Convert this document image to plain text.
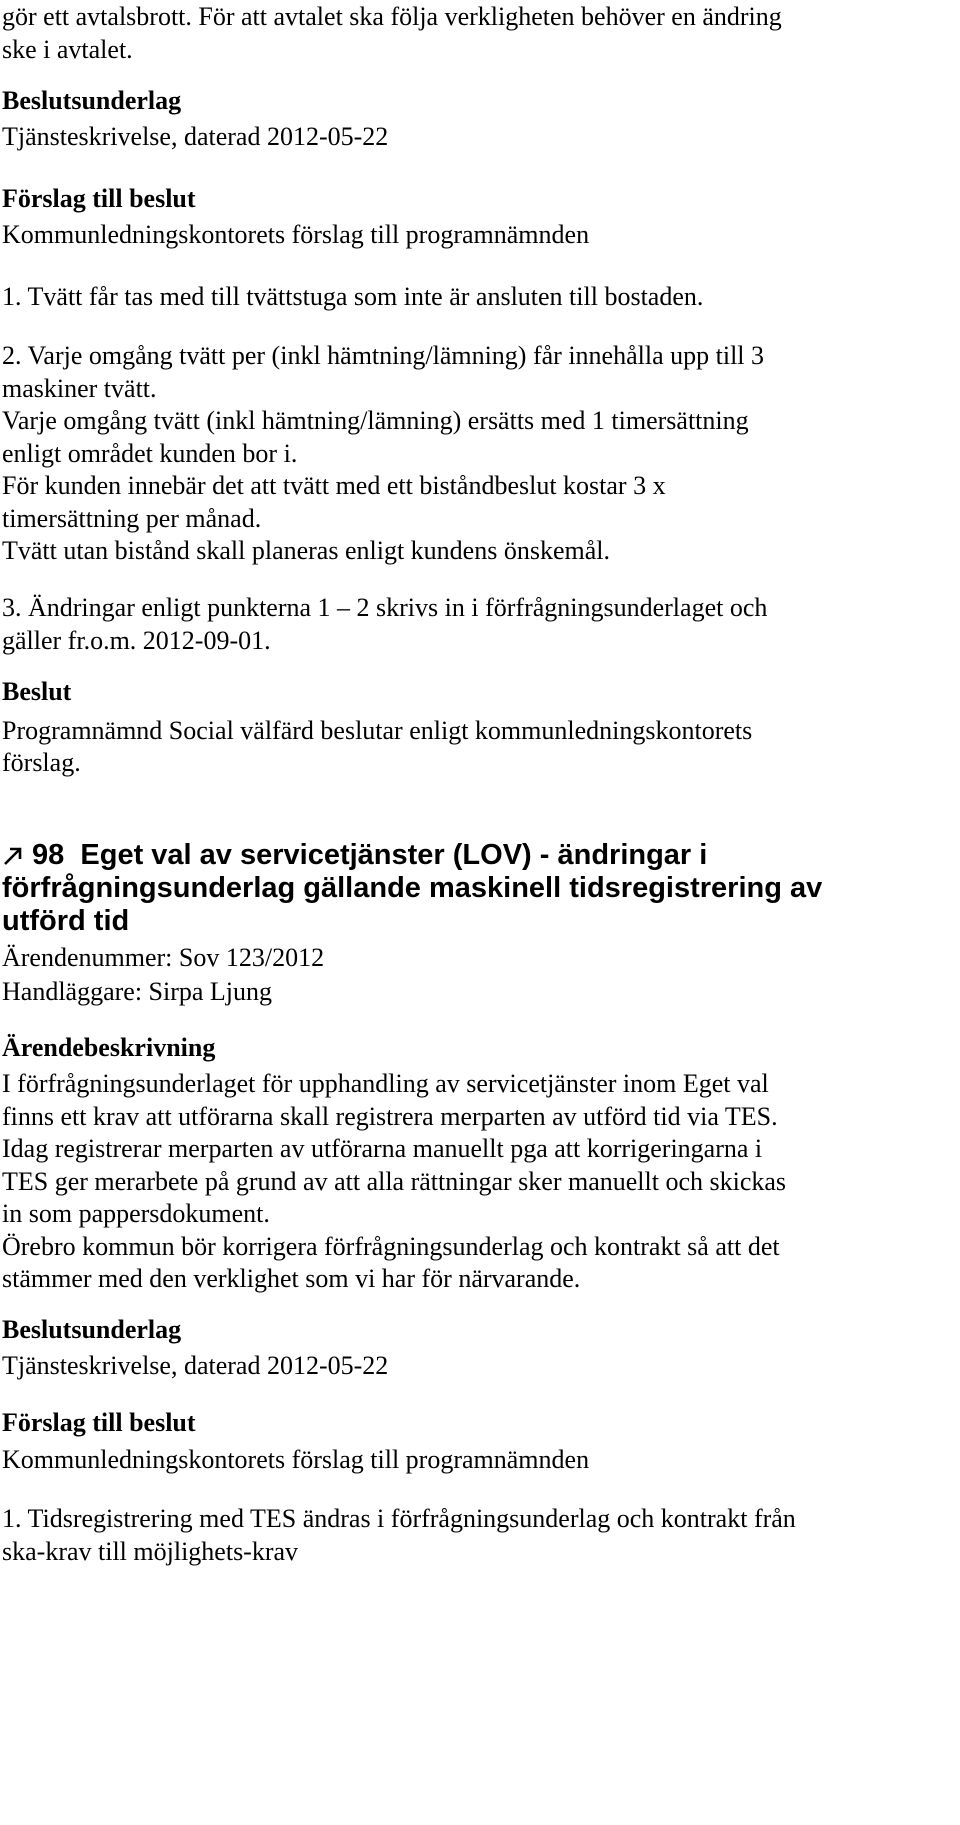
gör ett avtalsbrott. För att avtalet ska följa verkligheten behöver en ändring

ske i avtalet.

Beslutsunderlag

Tjänsteskrivelse, daterad 2012-05-22

Förslag till beslut

Kommunledningskontorets förslag till programnämnden

1. Tvätt får tas med till tvättstuga som inte är ansluten till bostaden.

2. Varje omgång tvätt per (inkl hämtning/lämning) får innehålla upp till 3

maskiner tvätt.

Varje omgång tvätt (inkl hämtning/lämning) ersätts med 1 timersättning

enligt området kunden bor i.

För kunden innebär det att tvätt med ett biståndbeslut kostar 3 x

timersättning per månad.

Tvätt utan bistånd skall planeras enligt kundens önskemål.

3. Ändringar enligt punkterna 1 – 2 skrivs in i förfrågningsunderlaget och

gäller fr.o.m. 2012-09-01.

Beslut

Programnämnd Social välfärd beslutar enligt kommunledningskontorets

förslag.

98 Eget val av servicetjänster (LOV) - ändringar i

förfrågningsunderlag gällande maskinell tidsregistrering av

utförd tid

Ärendenummer: Sov 123/2012

Handläggare: Sirpa Ljung

Ärendebeskrivning

I förfrågningsunderlaget för upphandling av servicetjänster inom Eget val

finns ett krav att utförarna skall registrera merparten av utförd tid via TES.

Idag registrerar merparten av utförarna manuellt pga att korrigeringarna i

TES ger merarbete på grund av att alla rättningar sker manuellt och skickas

in som pappersdokument.

Örebro kommun bör korrigera förfrågningsunderlag och kontrakt så att det

stämmer med den verklighet som vi har för närvarande.

Beslutsunderlag

Tjänsteskrivelse, daterad 2012-05-22

Förslag till beslut

Kommunledningskontorets förslag till programnämnden

1. Tidsregistrering med TES ändras i förfrågningsunderlag och kontrakt från

ska-krav till möjlighets-krav
